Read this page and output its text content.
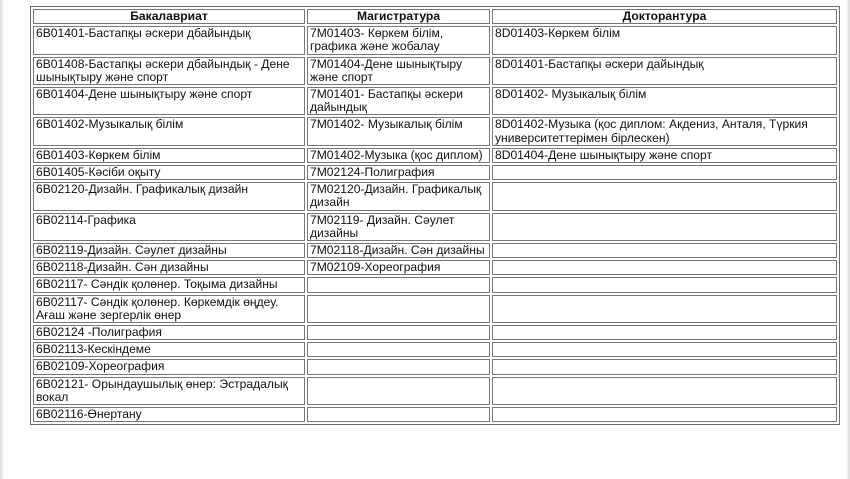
Бакалавриат	Магистратура	Докторантура
6B01401-Бастапқы әскери дбайындық	7M01403- Көркем білім, графика және жобалау	8D01403-Көркем білім
6B01408-Бастапқы әскери дбайындық - Дене шынықтыру және спорт	7M01404-Дене шынықтыру және спорт	8D01401-Бастапқы әскери дайындық
6B01404-Дене шынықтыру және спорт	7M01401- Бастапқы әскери дайындық	8D01402- Музыкалық білім
6B01402-Музыкалық білім	7M01402- Музыкалық білім	8D01402-Музыка (қос диплом: Акдениз, Анталя, Түркия университеттерімен бірлескен)
6B01403-Көркем білім	7M01402-Музыка (қос диплом)	8D01404-Дене шынықтыру және спорт
6B01405-Кәсіби оқыту	7M02124-Полиграфия	
6B02120-Дизайн. Графикалық дизайн	7M02120-Дизайн. Графикалық дизайн	
6B02114-Графика	7M02119- Дизайн. Сәулет дизайны	
6B02119-Дизайн. Сәулет дизайны	7M02118-Дизайн. Сән дизайны	
6B02118-Дизайн. Сән дизайны	7M02109-Хореография	
6B02117- Сәндік қолөнер. Тоқыма дизайны		
6B02117- Сәндік қолөнер. Көркемдік өңдеу. Ағаш және зергерлік өнер		
6B02124 -Полиграфия		
6B02113-Кескіндеме		
6B02109-Хореография		
6B02121- Орындаушылық өнер: Эстрадалық вокал		
6B02116-Өнертану		
